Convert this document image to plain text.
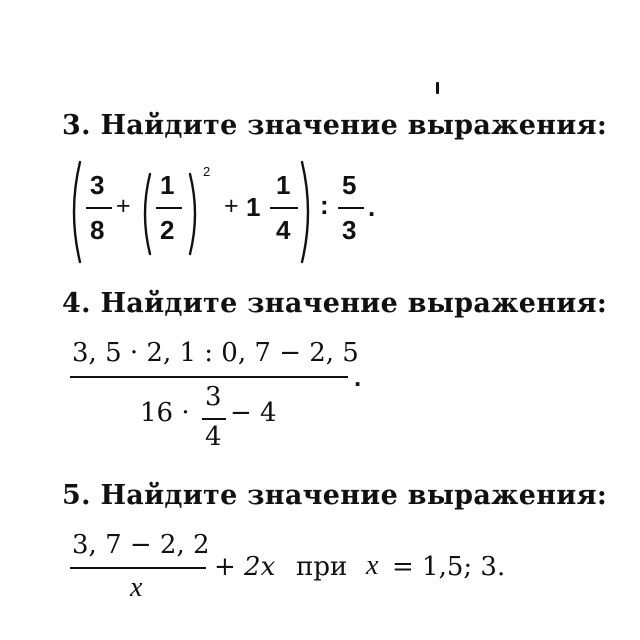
3. Найдите значение выражения:
3
8
+
1
2
2
+ 1
1
4
:
5
3
.
4. Найдите значение выражения:
3, 5 · 2, 1 : 0, 7 − 2, 5
.
16 ·
3
4
− 4
5. Найдите значение выражения:
3, 7 − 2, 2
x
+ 2x при x = 1,5; 3.
